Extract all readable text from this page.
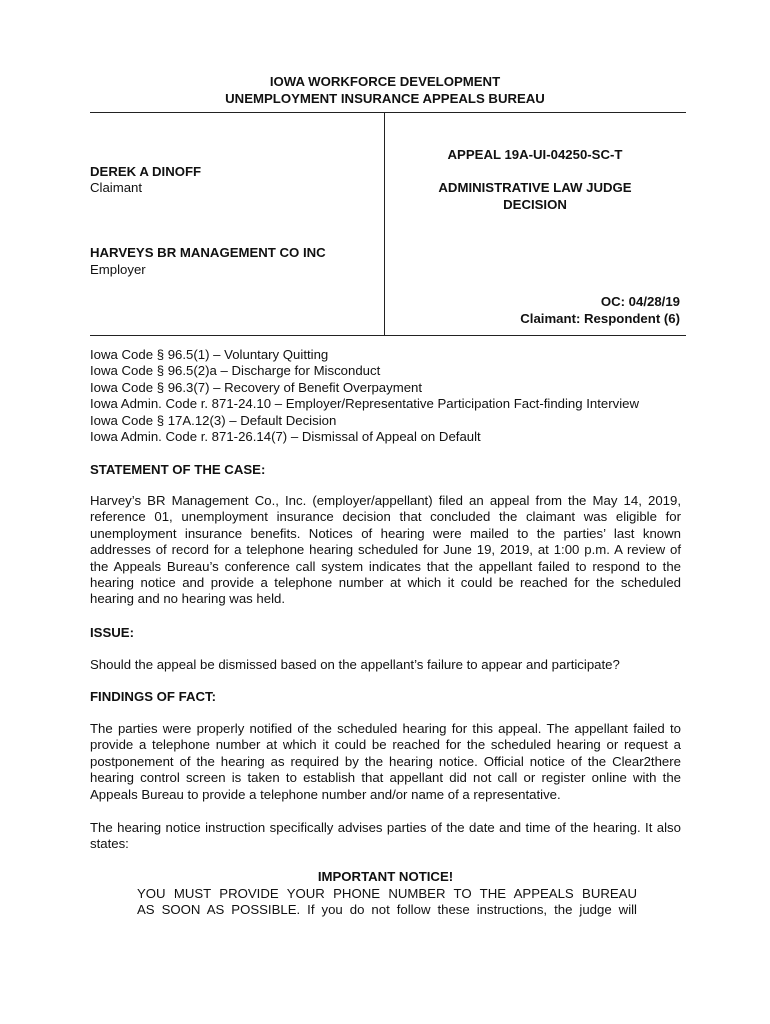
IOWA WORKFORCE DEVELOPMENT
UNEMPLOYMENT INSURANCE APPEALS BUREAU
DEREK A DINOFF
Claimant
HARVEYS BR MANAGEMENT CO INC
Employer
APPEAL 19A-UI-04250-SC-T
ADMINISTRATIVE LAW JUDGE
DECISION
OC: 04/28/19
Claimant: Respondent (6)
Iowa Code § 96.5(1) – Voluntary Quitting
Iowa Code § 96.5(2)a – Discharge for Misconduct
Iowa Code § 96.3(7) – Recovery of Benefit Overpayment
Iowa Admin. Code r. 871-24.10 – Employer/Representative Participation Fact-finding Interview
Iowa Code § 17A.12(3) – Default Decision
Iowa Admin. Code r. 871-26.14(7) – Dismissal of Appeal on Default
STATEMENT OF THE CASE:
Harvey’s BR Management Co., Inc. (employer/appellant) filed an appeal from the May 14, 2019, reference 01, unemployment insurance decision that concluded the claimant was eligible for unemployment insurance benefits. Notices of hearing were mailed to the parties’ last known addresses of record for a telephone hearing scheduled for June 19, 2019, at 1:00 p.m. A review of the Appeals Bureau’s conference call system indicates that the appellant failed to respond to the hearing notice and provide a telephone number at which it could be reached for the scheduled hearing and no hearing was held.
ISSUE:
Should the appeal be dismissed based on the appellant’s failure to appear and participate?
FINDINGS OF FACT:
The parties were properly notified of the scheduled hearing for this appeal. The appellant failed to provide a telephone number at which it could be reached for the scheduled hearing or request a postponement of the hearing as required by the hearing notice. Official notice of the Clear2there hearing control screen is taken to establish that appellant did not call or register online with the Appeals Bureau to provide a telephone number and/or name of a representative.
The hearing notice instruction specifically advises parties of the date and time of the hearing. It also states:
IMPORTANT NOTICE!
YOU MUST PROVIDE YOUR PHONE NUMBER TO THE APPEALS BUREAU
AS SOON AS POSSIBLE. If you do not follow these instructions, the judge will
